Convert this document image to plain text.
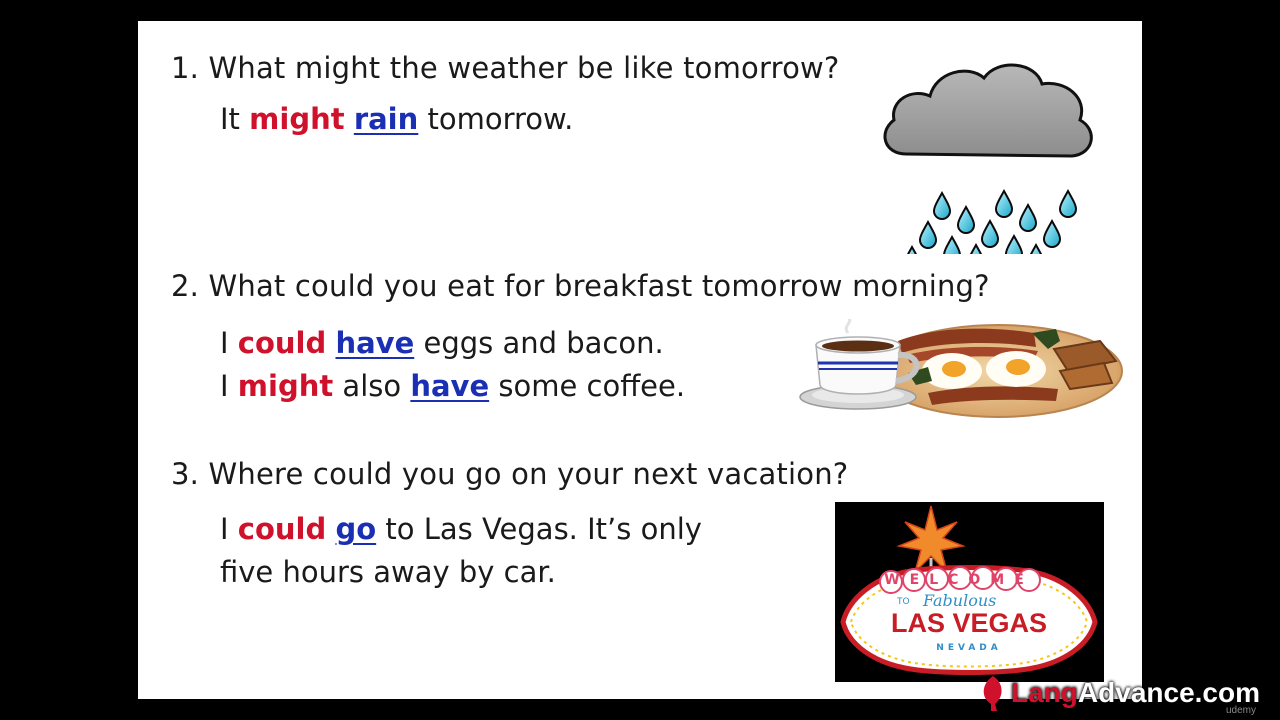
1. What might the weather be like tomorrow?
It might rain tomorrow.
2. What could you eat for breakfast tomorrow morning?
I could have eggs and bacon.
I might also have some coffee.
3. Where could you go on your next vacation?
I could go to Las Vegas. It’s only
five hours away by car.	WELCOME
TO Fabulous
LAS VEGAS
NEVADA
LangAdvance.com
udemy
